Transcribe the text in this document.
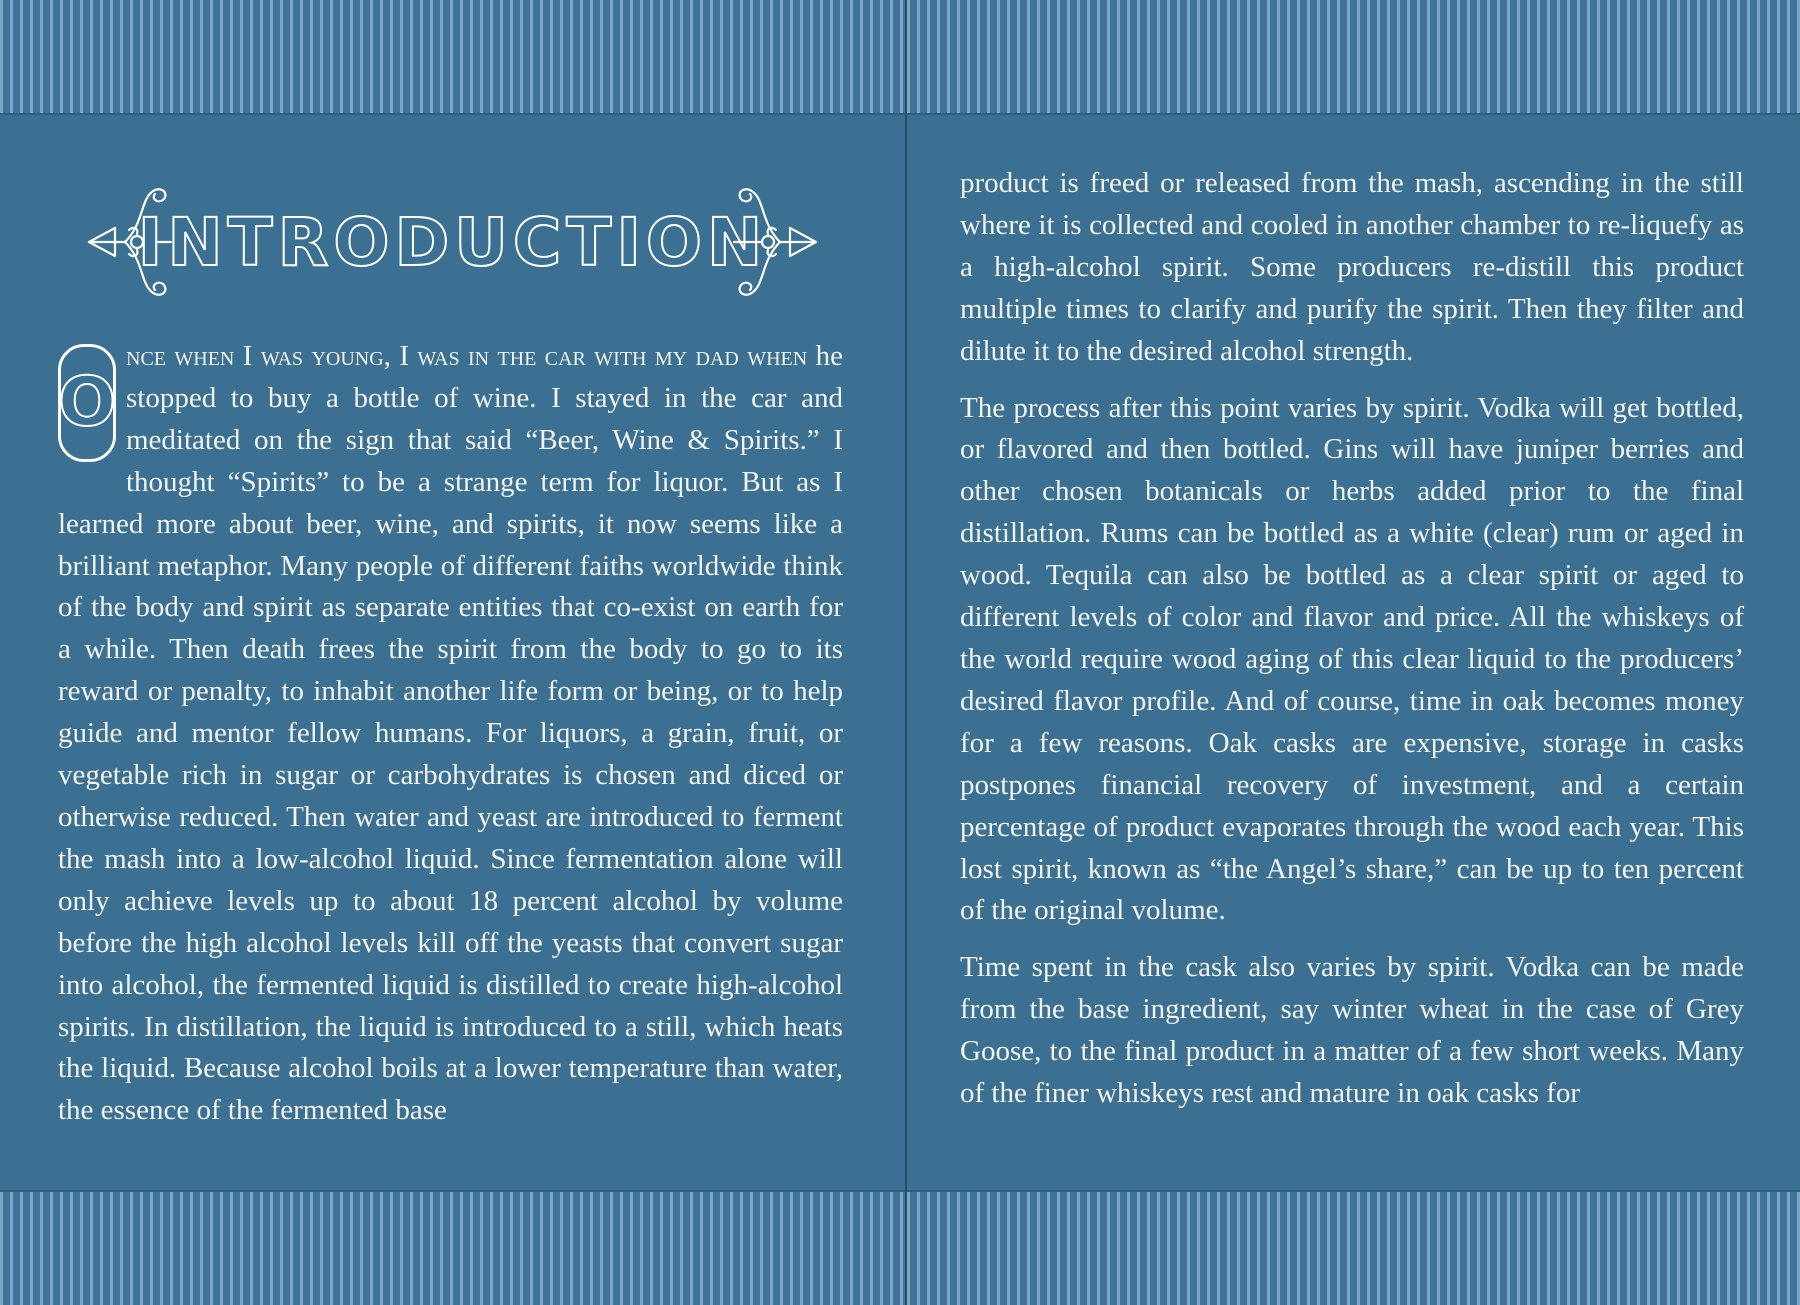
INTRODUCTION

O
nce when I was young, I was in the car with my dad when he stopped to buy a bottle of wine. I stayed in the car and meditated on the sign that said “Beer, Wine & Spirits.” I thought “Spirits” to be a strange term for liquor. But as I learned more about beer, wine, and spirits, it now seems like a brilliant metaphor. Many people of different faiths worldwide think of the body and spirit as separate entities that co-exist on earth for a while. Then death frees the spirit from the body to go to its reward or penalty, to inhabit another life form or being, or to help guide and mentor fellow humans. For liquors, a grain, fruit, or vegetable rich in sugar or carbohydrates is chosen and diced or otherwise reduced. Then water and yeast are introduced to ferment the mash into a low-alcohol liquid. Since fermentation alone will only achieve levels up to about 18 percent alcohol by volume before the high alcohol levels kill off the yeasts that convert sugar into alcohol, the fermented liquid is distilled to create high-alcohol spirits. In distillation, the liquid is introduced to a still, which heats the liquid. Because alcohol boils at a lower temperature than water, the essence of the fermented base

product is freed or released from the mash, ascending in the still where it is collected and cooled in another chamber to re-liquefy as a high-alcohol spirit. Some producers re-distill this product multiple times to clarify and purify the spirit. Then they filter and dilute it to the desired alcohol strength.

The process after this point varies by spirit. Vodka will get bottled, or flavored and then bottled. Gins will have juniper berries and other chosen botanicals or herbs added prior to the final distillation. Rums can be bottled as a white (clear) rum or aged in wood. Tequila can also be bottled as a clear spirit or aged to different levels of color and flavor and price. All the whiskeys of the world require wood aging of this clear liquid to the producers’ desired flavor profile. And of course, time in oak becomes money for a few reasons. Oak casks are expensive, storage in casks postpones financial recovery of investment, and a certain percentage of product evaporates through the wood each year. This lost spirit, known as “the Angel’s share,” can be up to ten percent of the original volume.

Time spent in the cask also varies by spirit. Vodka can be made from the base ingredient, say winter wheat in the case of Grey Goose, to the final product in a matter of a few short weeks. Many of the finer whiskeys rest and mature in oak casks for
